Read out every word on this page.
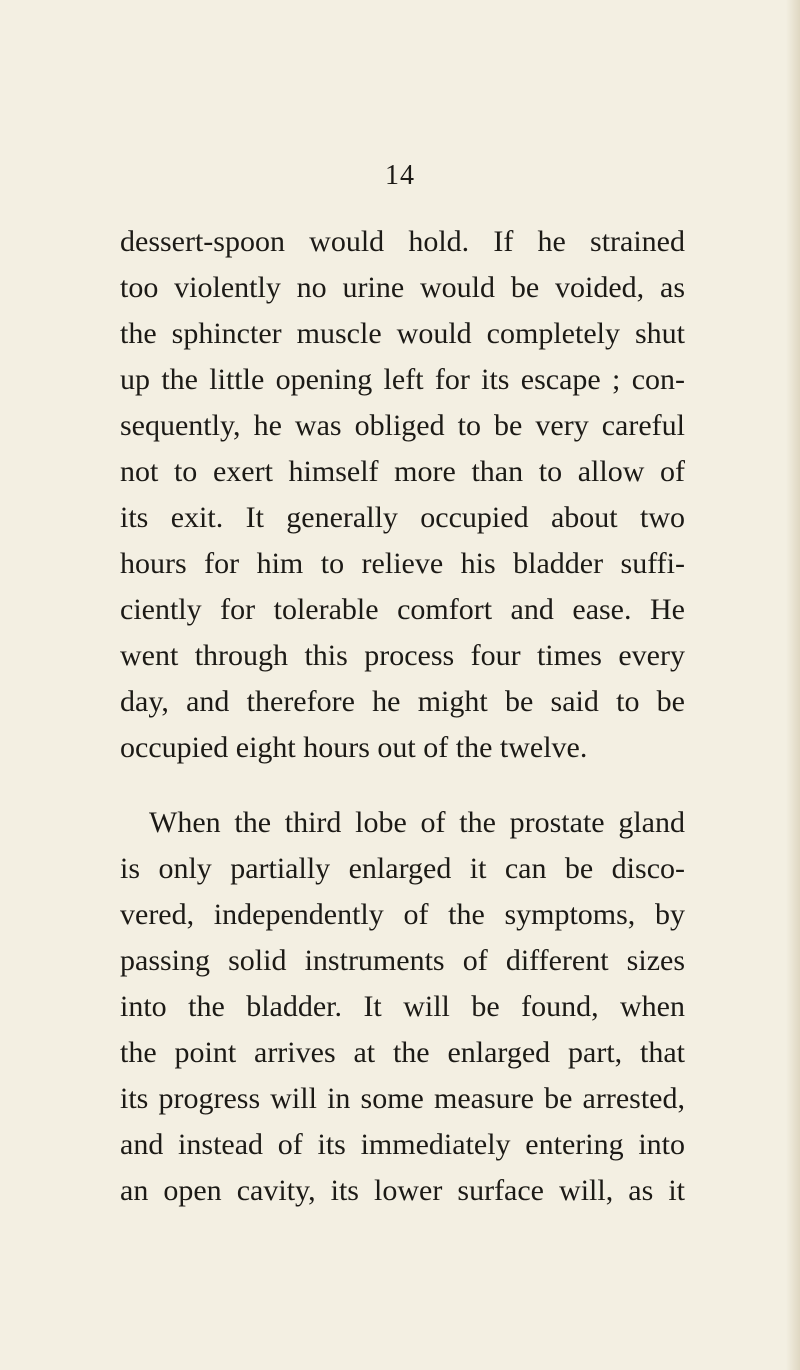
14
dessert-spoon would hold. If he strained
too violently no urine would be voided, as
the sphincter muscle would completely shut
up the little opening left for its escape ; con-
sequently, he was obliged to be very careful
not to exert himself more than to allow of
its exit. It generally occupied about two
hours for him to relieve his bladder suffi-
ciently for tolerable comfort and ease. He
went through this process four times every
day, and therefore he might be said to be
occupied eight hours out of the twelve.
When the third lobe of the prostate gland
is only partially enlarged it can be disco-
vered, independently of the symptoms, by
passing solid instruments of different sizes
into the bladder. It will be found, when
the point arrives at the enlarged part, that
its progress will in some measure be arrested,
and instead of its immediately entering into
an open cavity, its lower surface will, as it
